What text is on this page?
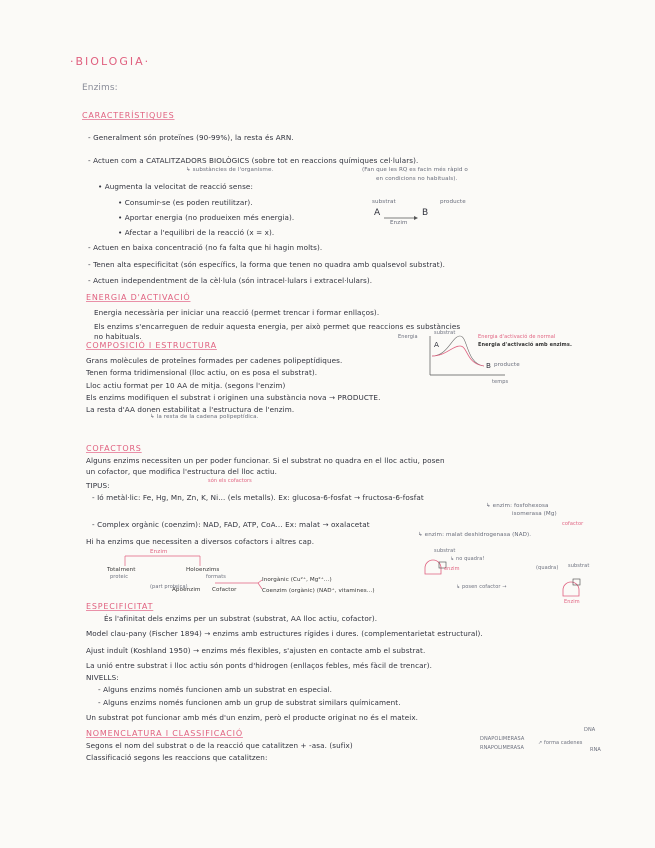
·BIOLOGIA·
Enzims:
CARACTERÍSTIQUES
- Generalment són proteïnes (90-99%), la resta és ARN.
- Actuen com a CATALITZADORS BIOLÒGICS (sobre tot en reaccions químiques cel·lulars).
↳ substàncies de l'organisme.	(Fan que les RQ es facin més ràpid o
en condicions no habituals).
• Augmenta la velocitat de reacció sense:
• Consumir-se (es poden reutilitzar).
• Aportar energia (no produeixen més energia).
• Afectar a l'equilibri de la reacció (x = x).
substrat	producte
A	B
Enzim
- Actuen en baixa concentració (no fa falta que hi hagin molts).
- Tenen alta especificitat (són específics, la forma que tenen no quadra amb qualsevol substrat).
- Actuen independentment de la cèl·lula (són intracel·lulars i extracel·lulars).
ENERGIA D'ACTIVACIÓ
Energia necessària per iniciar una reacció (permet trencar i formar enllaços).
Els enzims s'encarreguen de reduir aquesta energia, per això permet que reaccions es substàncies
no habituals.	Energia
substrat
A
B producte
temps
Energia d'activació de normal
Energia d'activació amb enzims.
COMPOSICIÓ I ESTRUCTURA
Grans molècules de proteïnes formades per cadenes polipeptídiques.
Tenen forma tridimensional (lloc actiu, on es posa el substrat).
Lloc actiu format per 10 AA de mitja. (segons l'enzim)
Els enzims modifiquen el substrat i originen una substància nova → PRODUCTE.
La resta d'AA donen estabilitat a l'estructura de l'enzim.
↳ la resta de la cadena polipeptídica.
COFACTORS
Alguns enzims necessiten un per poder funcionar. Si el substrat no quadra en el lloc actiu, posen
un cofactor, que modifica l'estructura del lloc actiu.
TIPUS:	són els cofactors
- Ió metàl·lic: Fe, Hg, Mn, Zn, K, Ni... (els metalls). Ex: glucosa-6-fosfat → fructosa-6-fosfat
↳ enzim: fosfohexosa
isomerasa (Mg)
cofactor
- Complex orgànic (coenzim): NAD, FAD, ATP, CoA... Ex: malat → oxalacetat
↳ enzim: malat deshidrogenasa (NAD).
Hi ha enzims que necessiten a diversos cofactors i altres cap.
Enzim
Totalment
proteic
Holoenzims
formats
(part proteica)
Apoenzim Cofactor
Inorgànic (Cu²⁺, Mg²⁺...)
Coenzim (orgànic) (NAD⁺, vitamines...)
substrat
↳ no quadra!
enzim
↳ posen cofactor →
(quadra) substrat
Enzim
ESPECIFICITAT
És l'afinitat dels enzims per un substrat (substrat, AA lloc actiu, cofactor).
Model clau-pany (Fischer 1894) → enzims amb estructures rígides i dures. (complementarietat estructural).
Ajust induït (Koshland 1950) → enzims més flexibles, s'ajusten en contacte amb el substrat.
La unió entre substrat i lloc actiu són ponts d'hidrogen (enllaços febles, més fàcil de trencar).
NIVELLS:
- Alguns enzims només funcionen amb un substrat en especial.
- Alguns enzims només funcionen amb un grup de substrat similars químicament.
Un substrat pot funcionar amb més d'un enzim, però el producte originat no és el mateix.
NOMENCLATURA I CLASSIFICACIÓ
Segons el nom del substrat o de la reacció que catalitzen + -asa. (sufix)
Classificació segons les reaccions que catalitzen:
DNA
DNAPOLIMERASA
RNAPOLIMERASA
↗ forma cadenes
RNA
